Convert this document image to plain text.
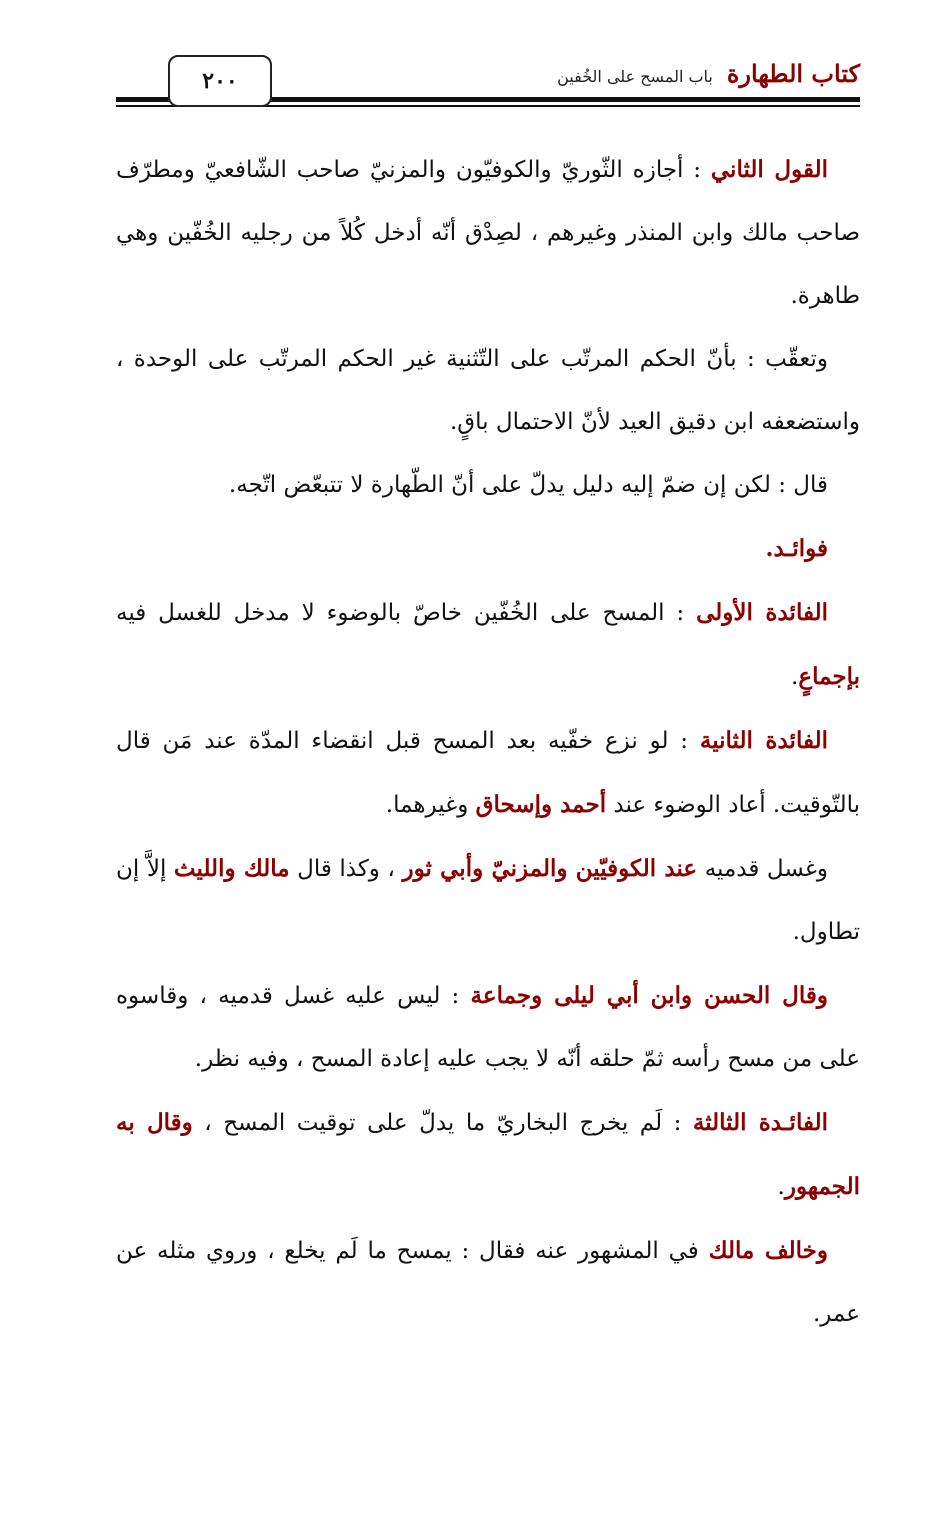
٢٠٠	كتاب الطهارة
باب المسح على الخُفين

القول الثاني : أجازه الثّوريّ والكوفيّون والمزنيّ صاحب الشّافعيّ ومطرّف صاحب مالك وابن المنذر وغيرهم ، لصِدْق أنّه أدخل كُلاً من رجليه الخُفّين وهي طاهرة.

وتعقّب : بأنّ الحكم المرتّب على التّثنية غير الحكم المرتّب على الوحدة ، واستضعفه ابن دقيق العيد لأنّ الاحتمال باقٍ.

قال : لكن إن ضمّ إليه دليل يدلّ على أنّ الطّهارة لا تتبعّض اتّجه.

فوائـد.

الفائدة الأولى : المسح على الخُفّين خاصّ بالوضوء لا مدخل للغسل فيه بإجماعٍ.

الفائدة الثانية : لو نزع خفّيه بعد المسح قبل انقضاء المدّة عند مَن قال بالتّوقيت. أعاد الوضوء عند أحمد وإسحاق وغيرهما.

وغسل قدميه عند الكوفيّين والمزنيّ وأبي ثور ، وكذا قال مالك والليث إلاَّ إن تطاول.

وقال الحسن وابن أبي ليلى وجماعة : ليس عليه غسل قدميه ، وقاسوه على من مسح رأسه ثمّ حلقه أنّه لا يجب عليه إعادة المسح ، وفيه نظر.

الفائـدة الثالثة : لَم يخرج البخاريّ ما يدلّ على توقيت المسح ، وقال به الجمهور.

وخالف مالك في المشهور عنه فقال : يمسح ما لَم يخلع ، وروي مثله عن عمر.
